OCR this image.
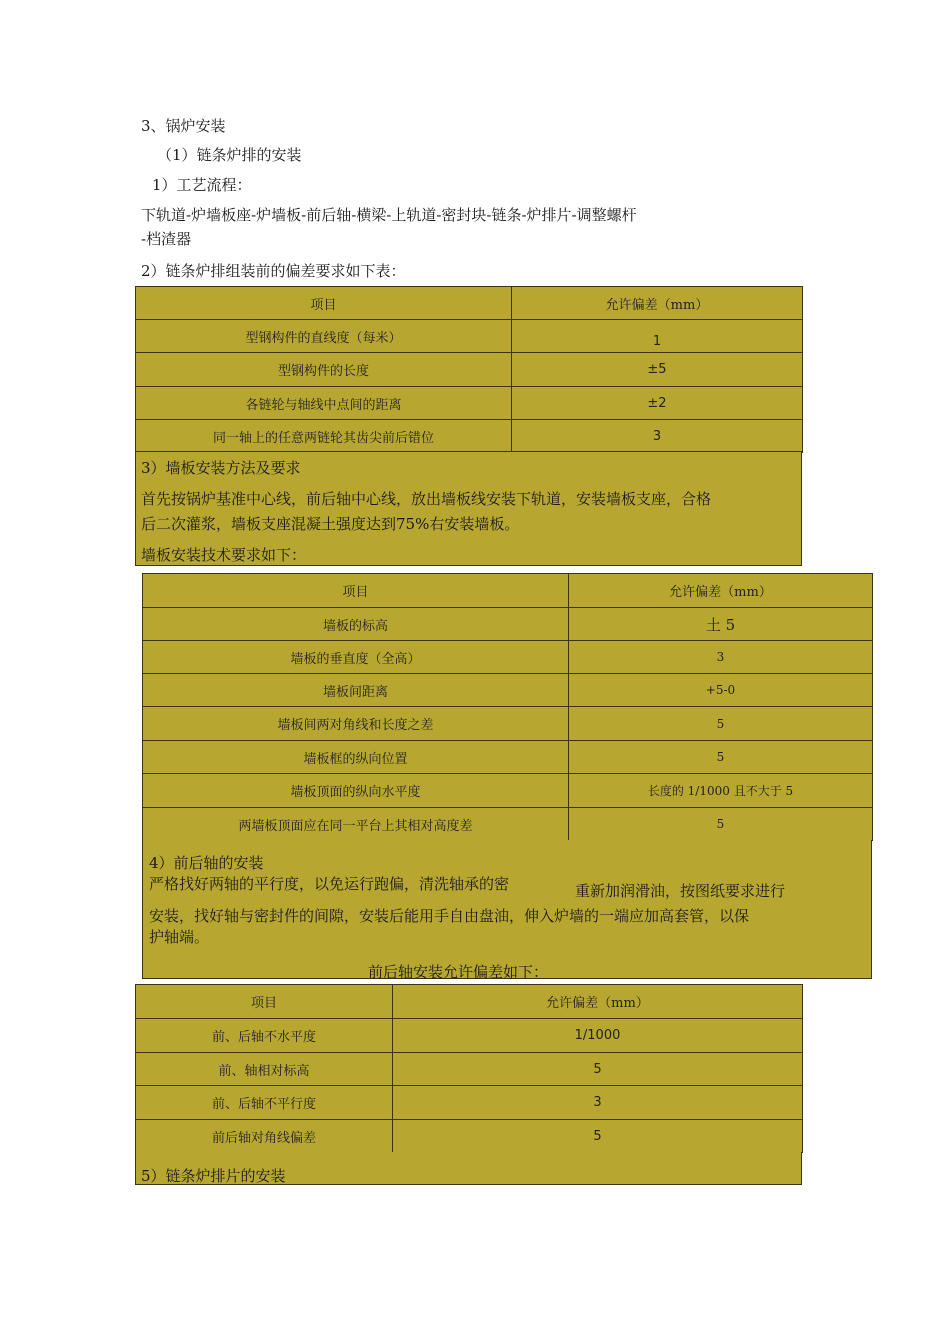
3、锅炉安装
（1）链条炉排的安装
1）工艺流程：
下轨道-炉墙板座-炉墙板-前后轴-横梁-上轨道-密封块-链条-炉排片-调整螺杆
-档渣器
2）链条炉排组装前的偏差要求如下表：
项目	允许偏差（mm）
型钢构件的直线度（每米）	1
型钢构件的长度	±5
各链轮与轴线中点间的距离	±2
同一轴上的任意两链轮其齿尖前后错位	3
3）墙板安装方法及要求
首先按锅炉基准中心线，前后轴中心线，放出墙板线安装下轨道，安装墙板支座，合格
后二次灌浆，墙板支座混凝土强度达到75%右安装墙板。
墙板安装技术要求如下：
项目	允许偏差（mm）
墙板的标高	土 5
墙板的垂直度（全高）	3
墙板间距离	+5-0
墙板间两对角线和长度之差	5
墙板框的纵向位置	5
墙板顶面的纵向水平度	长度的 1/1000 且不大于 5
两墙板顶面应在同一平台上其相对高度差	5
4）前后轴的安装
严格找好两轴的平行度，以免运行跑偏，清洗轴承的密	重新加润滑油，按图纸要求进行
安装，找好轴与密封件的间隙，安装后能用手自由盘油，伸入炉墙的一端应加高套管，以保
护轴端。
前后轴安装允许偏差如下：
项目	允许偏差（mm）
前、后轴不水平度	1/1000
前、轴相对标高	5
前、后轴不平行度	3
前后轴对角线偏差	5
5）链条炉排片的安装
